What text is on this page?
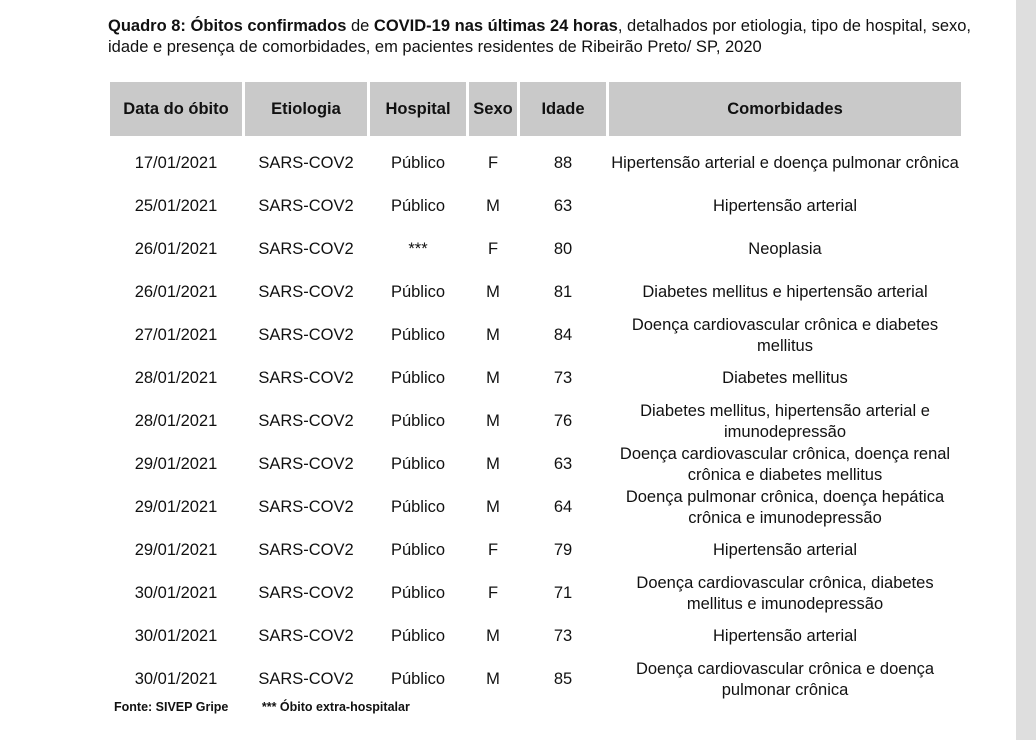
Quadro 8: Óbitos confirmados de COVID-19 nas últimas 24 horas, detalhados por etiologia, tipo de hospital, sexo, idade e presença de comorbidades, em pacientes residentes de Ribeirão Preto/ SP, 2020
Data do óbito	Etiologia	Hospital	Sexo	Idade	Comorbidades
17/01/2021	SARS-COV2	Público	F	88	Hipertensão arterial e doença pulmonar crônica
25/01/2021	SARS-COV2	Público	M	63	Hipertensão arterial
26/01/2021	SARS-COV2	***	F	80	Neoplasia
26/01/2021	SARS-COV2	Público	M	81	Diabetes mellitus e hipertensão arterial
27/01/2021	SARS-COV2	Público	M	84	Doença cardiovascular crônica e diabetes mellitus
28/01/2021	SARS-COV2	Público	M	73	Diabetes mellitus
28/01/2021	SARS-COV2	Público	M	76	Diabetes mellitus, hipertensão arterial e imunodepressão
29/01/2021	SARS-COV2	Público	M	63	Doença cardiovascular crônica, doença renal crônica e diabetes mellitus
29/01/2021	SARS-COV2	Público	M	64	Doença pulmonar crônica, doença hepática crônica e imunodepressão
29/01/2021	SARS-COV2	Público	F	79	Hipertensão arterial
30/01/2021	SARS-COV2	Público	F	71	Doença cardiovascular crônica, diabetes mellitus e imunodepressão
30/01/2021	SARS-COV2	Público	M	73	Hipertensão arterial
30/01/2021	SARS-COV2	Público	M	85	Doença cardiovascular crônica e doença pulmonar crônica
Fonte: SIVEP Gripe	*** Óbito extra-hospitalar
